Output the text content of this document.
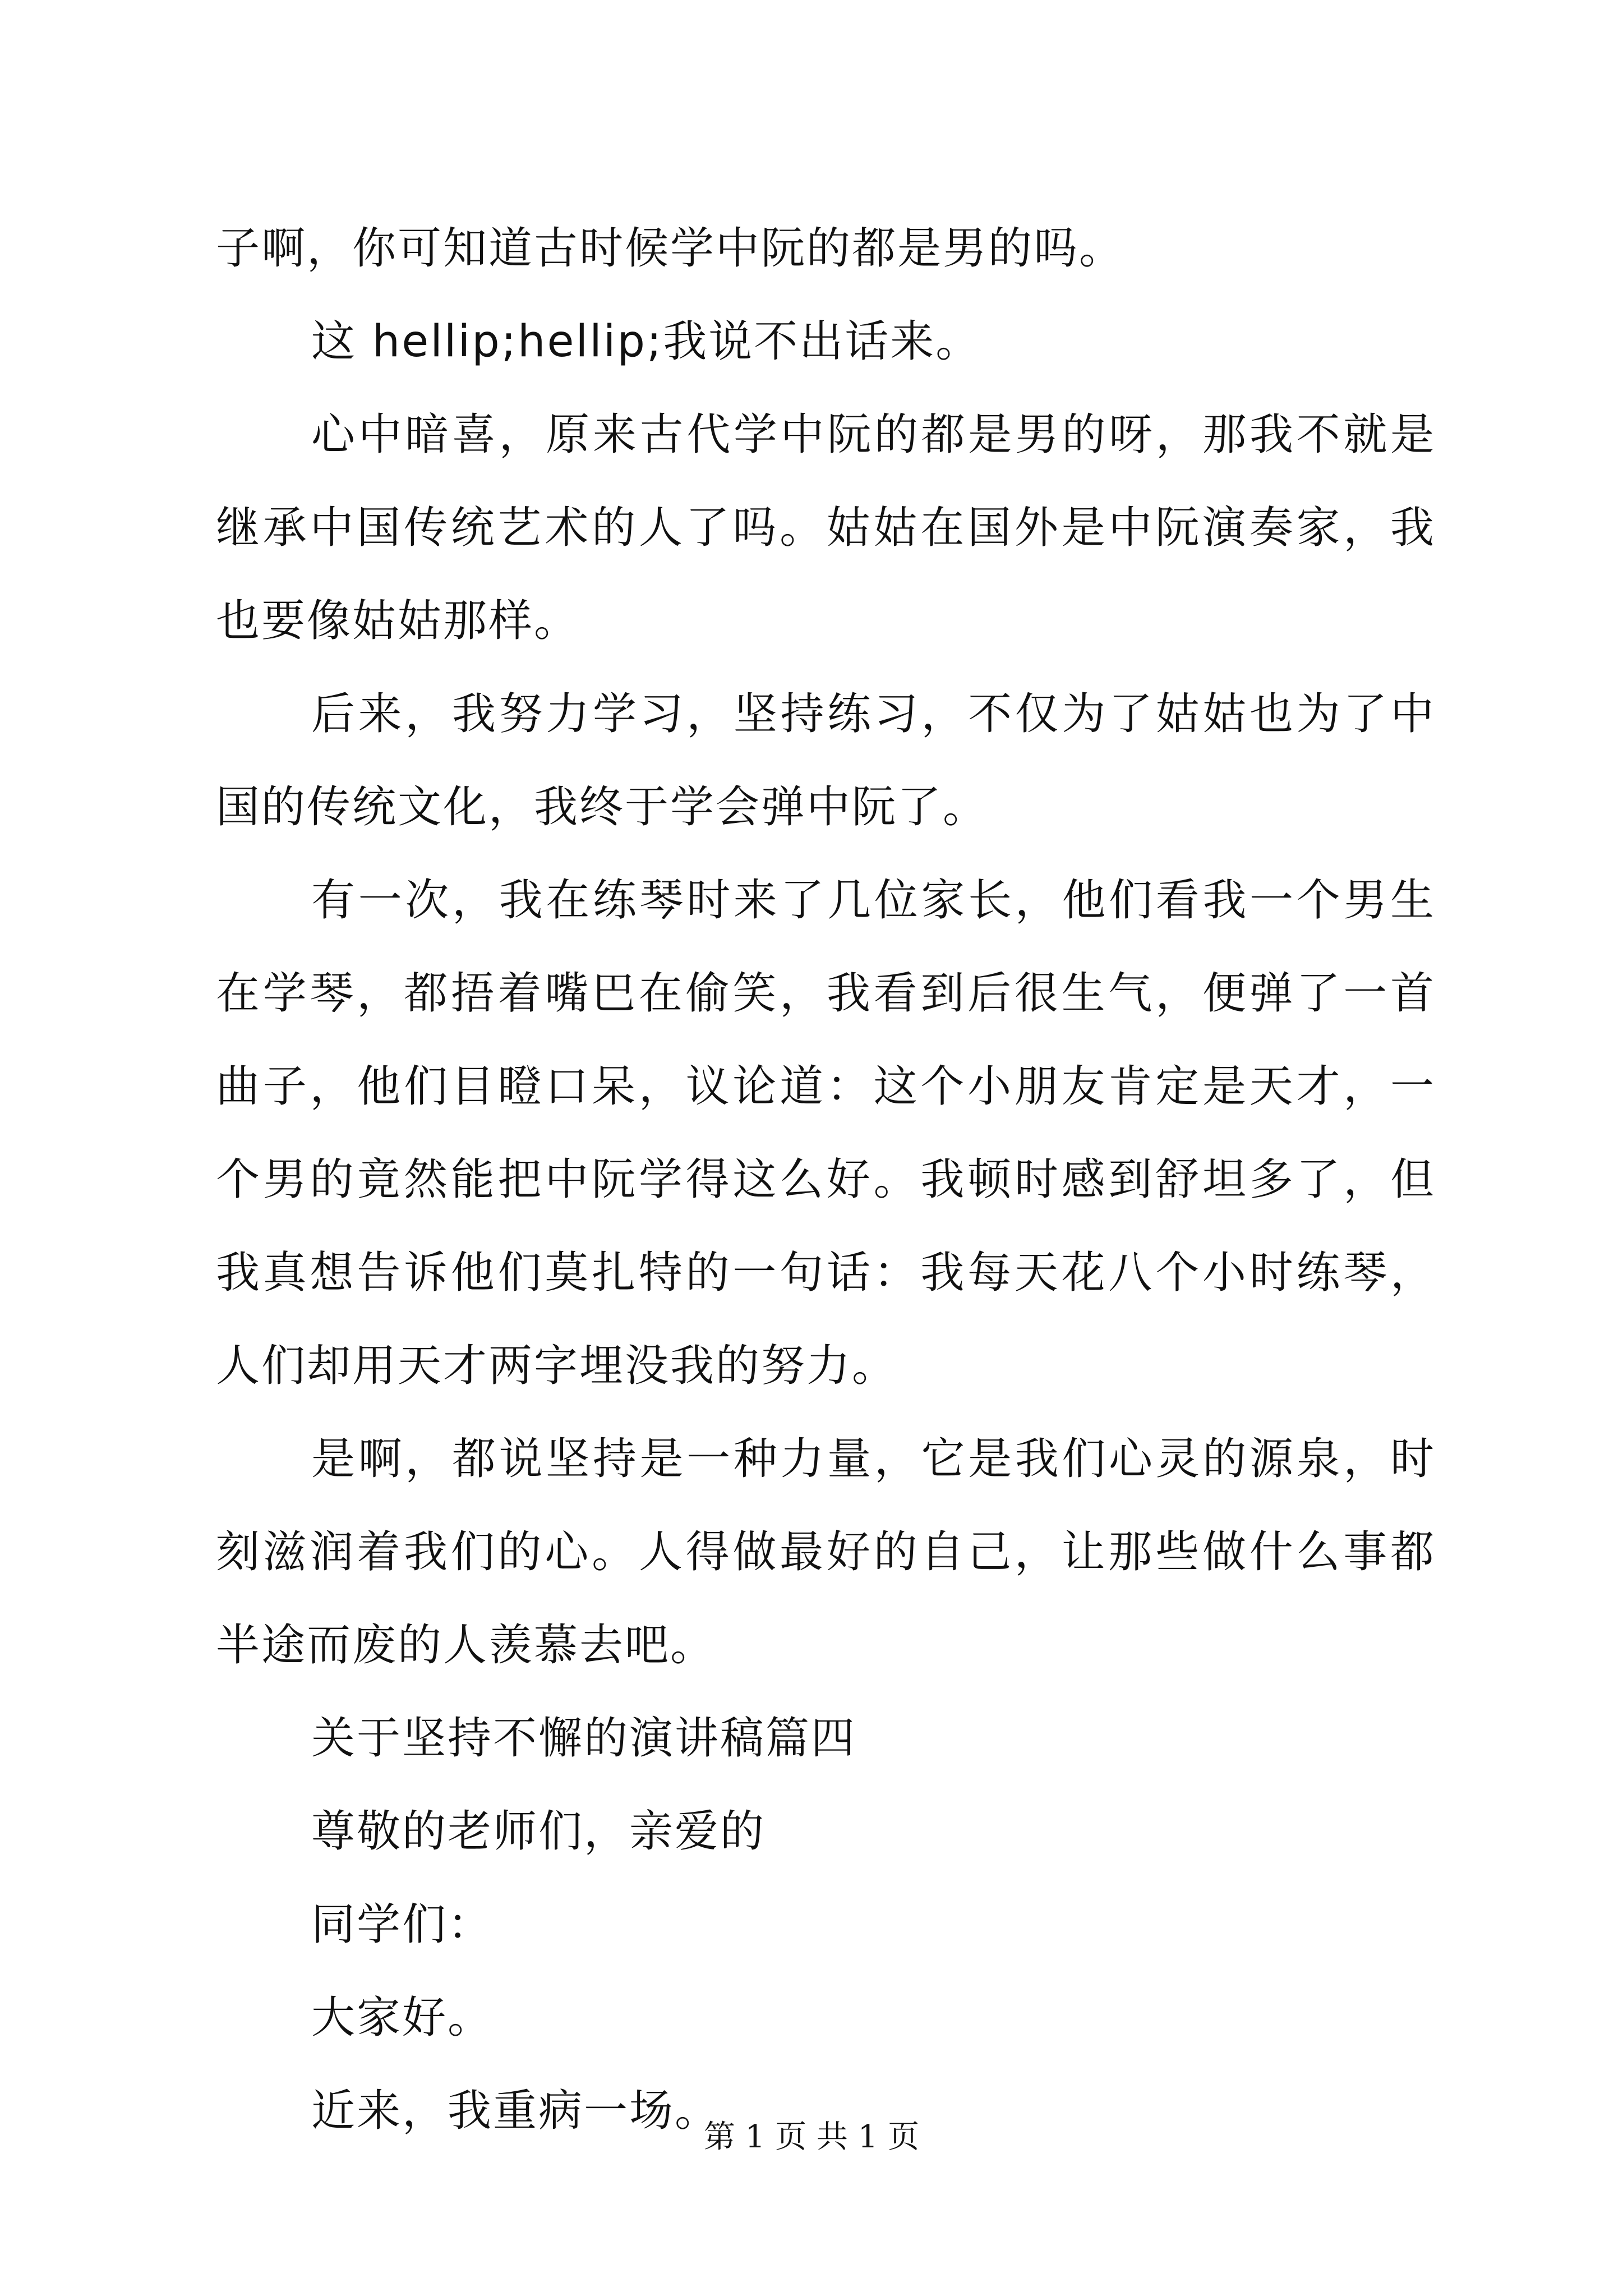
子啊，你可知道古时候学中阮的都是男的吗。

这 hellip;hellip;我说不出话来。

心中暗喜，原来古代学中阮的都是男的呀，那我不就是继承中国传统艺术的人了吗。姑姑在国外是中阮演奏家，我也要像姑姑那样。

后来，我努力学习，坚持练习，不仅为了姑姑也为了中国的传统文化，我终于学会弹中阮了。

有一次，我在练琴时来了几位家长，他们看我一个男生在学琴，都捂着嘴巴在偷笑，我看到后很生气，便弹了一首曲子，他们目瞪口呆，议论道：这个小朋友肯定是天才，一个男的竟然能把中阮学得这么好。我顿时感到舒坦多了，但我真想告诉他们莫扎特的一句话：我每天花八个小时练琴，人们却用天才两字埋没我的努力。

是啊，都说坚持是一种力量，它是我们心灵的源泉，时刻滋润着我们的心。人得做最好的自己，让那些做什么事都半途而废的人羡慕去吧。

关于坚持不懈的演讲稿篇四

尊敬的老师们，亲爱的

同学们：

大家好。

近来，我重病一场。

第 1 页 共 1 页
